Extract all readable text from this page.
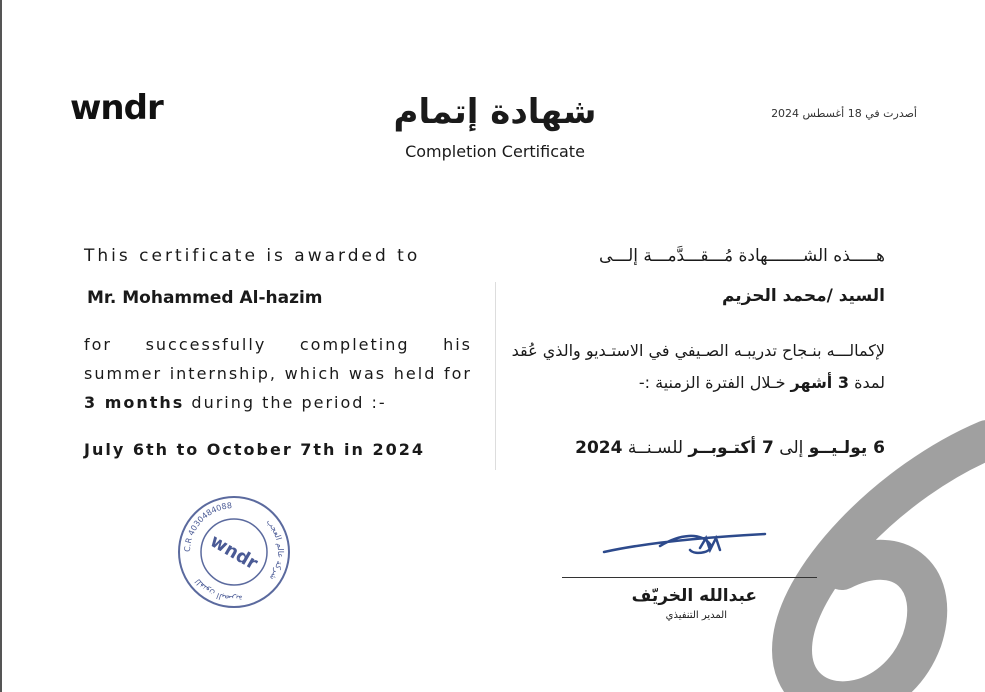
wndr	شهادة إتمام
Completion Certificate
أصدرت في 18 أغسطس 2024
This certificate is awarded to
Mr. Mohammed Al-hazim
for successfully completing his summer internship, which was held for 3 months during the period :-
July 6th to October 7th in 2024
هـــــذه الشـــــــهادة مُـــقـــدَّمـــة إلـــى
السيد /محمد الحزيم
لإكمالـــه بنـجاح تدريبـه الصـيفي في الاستـديو والذي عُقد لمدة 3 أشهر خـلال الفترة الزمنية :-
6 يولـيــو إلى 7 أكتـوبــر للسـنــة 2024
C.R 4030484088
شركة عالم العجب
للفنون البصرية
wndr
عبدالله الخريّف
المدير التنفيذي
